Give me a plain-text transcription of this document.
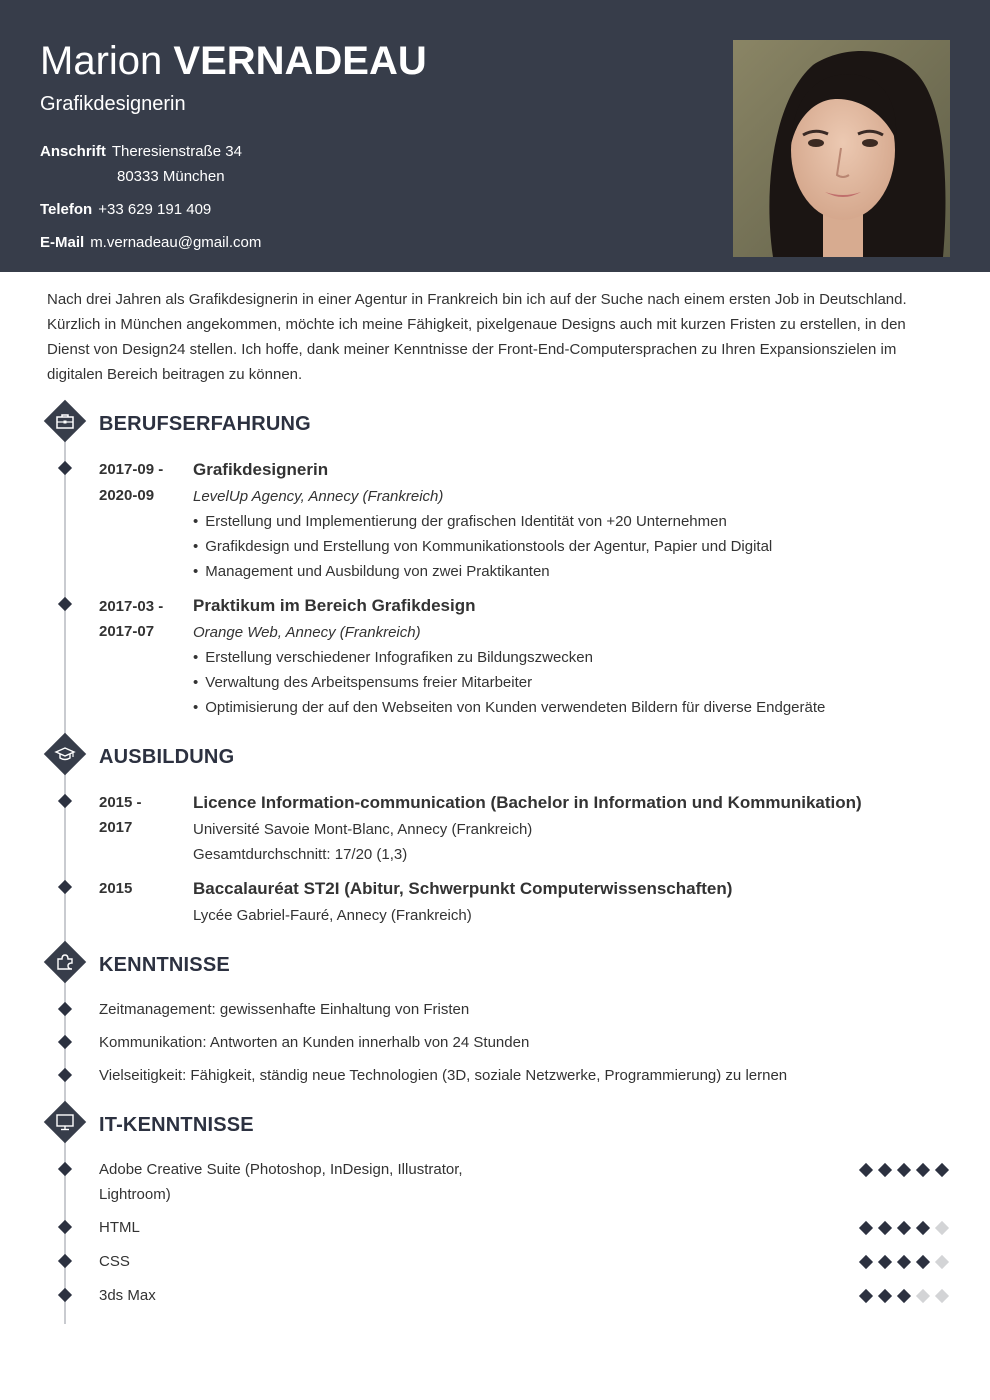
Marion VERNADEAU
Grafikdesignerin
Anschrift Theresienstraße 34
80333 München
Telefon +33 629 191 409
E-Mail m.vernadeau@gmail.com
Nach drei Jahren als Grafikdesignerin in einer Agentur in Frankreich bin ich auf der Suche nach einem ersten Job in Deutschland. Kürzlich in München angekommen, möchte ich meine Fähigkeit, pixelgenaue Designs auch mit kurzen Fristen zu erstellen, in den Dienst von Design24 stellen. Ich hoffe, dank meiner Kenntnisse der Front-End-Computersprachen zu Ihren Expansionszielen im digitalen Bereich beitragen zu können.
BERUFSERFAHRUNG
2017-09 -
2020-09
Grafikdesignerin
LevelUp Agency, Annecy (Frankreich)
• Erstellung und Implementierung der grafischen Identität von +20 Unternehmen
• Grafikdesign und Erstellung von Kommunikationstools der Agentur, Papier und Digital
• Management und Ausbildung von zwei Praktikanten
2017-03 -
2017-07
Praktikum im Bereich Grafikdesign
Orange Web, Annecy (Frankreich)
• Erstellung verschiedener Infografiken zu Bildungszwecken
• Verwaltung des Arbeitspensums freier Mitarbeiter
• Optimisierung der auf den Webseiten von Kunden verwendeten Bildern für diverse Endgeräte
AUSBILDUNG
2015 -
2017
Licence Information-communication (Bachelor in Information und Kommunikation)
Université Savoie Mont-Blanc, Annecy (Frankreich)
Gesamtdurchschnitt: 17/20 (1,3)
2015	Baccalauréat ST2I (Abitur, Schwerpunkt Computerwissenschaften)
Lycée Gabriel-Fauré, Annecy (Frankreich)
KENNTNISSE
Zeitmanagement: gewissenhafte Einhaltung von Fristen
Kommunikation: Antworten an Kunden innerhalb von 24 Stunden
Vielseitigkeit: Fähigkeit, ständig neue Technologien (3D, soziale Netzwerke, Programmierung) zu lernen
IT-KENNTNISSE
Adobe Creative Suite (Photoshop, InDesign, Illustrator, Lightroom)
HTML
CSS
3ds Max
